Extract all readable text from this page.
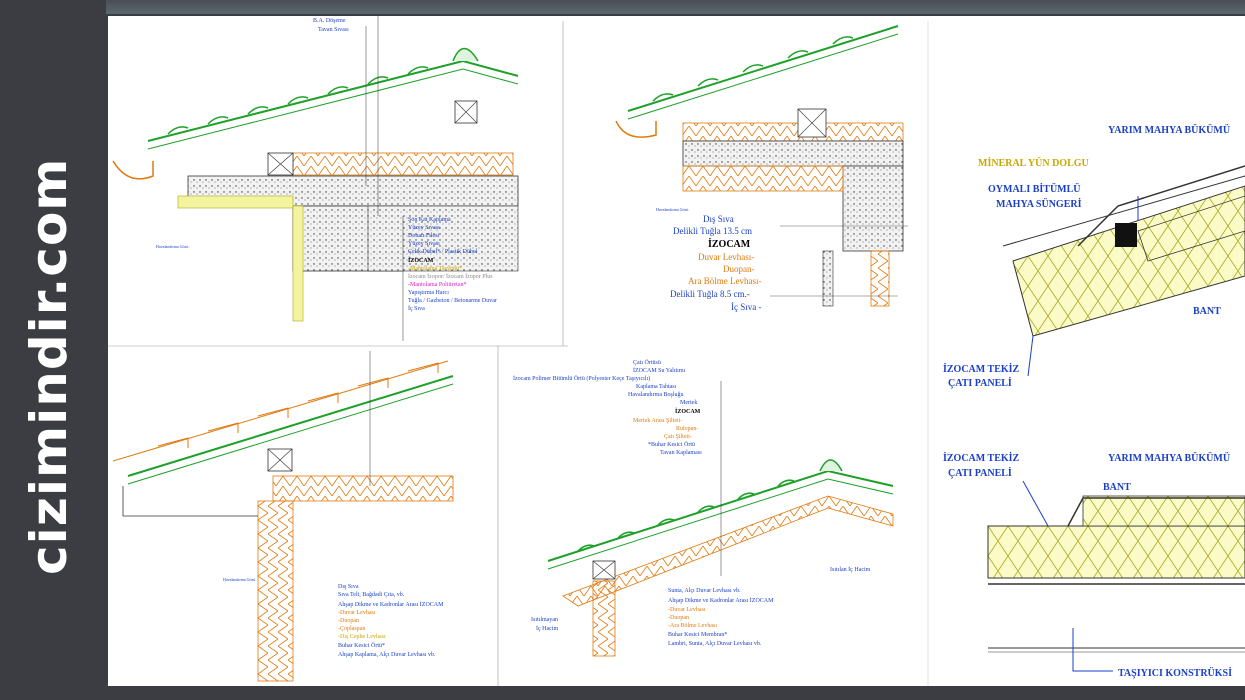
cizimindir.com
B.A. Döşeme
Tavan Sıvası
Havalandırma Gözü
Son Kat Kaplama
Yüzey Sıvası
Donatı Filesi
Yüzey Sıvası
Çelik Dübel* / Plastik Dübel
İZOCAM
-Mantolama Taşyünü*
İzocam İzopor/ İzocam İzopor Plus
-Mantolama Poliüretan*
Yapıştırma Harcı
Tuğla / Gazbeton / Betonarme Duvar
İç Sıva
Havalandırma Gözü
Dış Sıva
Delikli Tuğla 13.5 cm
İZOCAM
Duvar Levhası-
Duopan-
Ara Bölme Levhası-
Delikli Tuğla 8.5 cm.-
İç Sıva -
YARIM MAHYA BÜKÜMÜ
MİNERAL YÜN DOLGU
OYMALI BİTÜMLÜ
MAHYA SÜNGERİ
BANT
İZOCAM TEKİZ
ÇATI PANELİ
Havalandırma Gözü
Dış Sıva
Sıva Teli, Bağdadi Çıta, vb.
Ahşap Dikme ve Kadronlar Arası İZOCAM
-Duvar Levhası
-Duopan
-Çoplaspan
-Dış Cephe Levhası
Buhar Kesici Örtü*
Ahşap Kaplama, Alçı Duvar Levhası vb.
Çatı Örtüsü
İZOCAM Su Yalıtımı
İzocam Polimer Bitümlü Örtü (Polyester Keçe Taşıyıcılı)
Kaplama Tahtası
Havalandırma Boşluğu
Mertek
İZOCAM
Mertek Arası Şilteti-
Rulopan-
Çatı Şilteti-
*Buhar Kesici Örtü
Tavan Kaplaması
Isıtılan İç Hacim
Isıtılmayan
İç Hacim
Sunta, Alçı Duvar Levhası vb.
Ahşap Dikme ve Kadronlar Arası İZOCAM
-Duvar Levhası
-Duopan
-Ara Bölme Levhası
Buhar Kesici Membran*
Lambri, Sunta, Alçı Duvar Levhası vb.
İZOCAM TEKİZ
ÇATI PANELİ
YARIM MAHYA BÜKÜMÜ
BANT
TAŞIYICI KONSTRÜKSİ
